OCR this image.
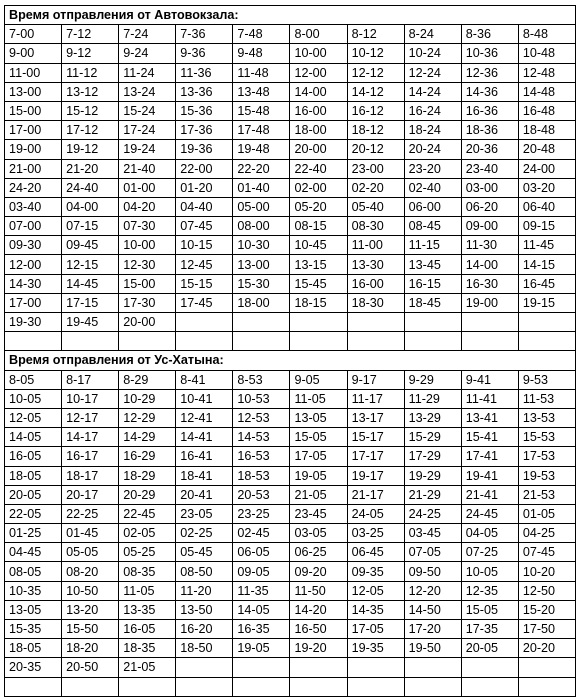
Время отправления от Автовокзала:									
7-00	7-12	7-24	7-36	7-48	8-00	8-12	8-24	8-36	8-48
9-00	9-12	9-24	9-36	9-48	10-00	10-12	10-24	10-36	10-48
11-00	11-12	11-24	11-36	11-48	12-00	12-12	12-24	12-36	12-48
13-00	13-12	13-24	13-36	13-48	14-00	14-12	14-24	14-36	14-48
15-00	15-12	15-24	15-36	15-48	16-00	16-12	16-24	16-36	16-48
17-00	17-12	17-24	17-36	17-48	18-00	18-12	18-24	18-36	18-48
19-00	19-12	19-24	19-36	19-48	20-00	20-12	20-24	20-36	20-48
21-00	21-20	21-40	22-00	22-20	22-40	23-00	23-20	23-40	24-00
24-20	24-40	01-00	01-20	01-40	02-00	02-20	02-40	03-00	03-20
03-40	04-00	04-20	04-40	05-00	05-20	05-40	06-00	06-20	06-40
07-00	07-15	07-30	07-45	08-00	08-15	08-30	08-45	09-00	09-15
09-30	09-45	10-00	10-15	10-30	10-45	11-00	11-15	11-30	11-45
12-00	12-15	12-30	12-45	13-00	13-15	13-30	13-45	14-00	14-15
14-30	14-45	15-00	15-15	15-30	15-45	16-00	16-15	16-30	16-45
17-00	17-15	17-30	17-45	18-00	18-15	18-30	18-45	19-00	19-15
19-30	19-45	20-00							

Время отправления от Ус-Хатына:									
8-05	8-17	8-29	8-41	8-53	9-05	9-17	9-29	9-41	9-53
10-05	10-17	10-29	10-41	10-53	11-05	11-17	11-29	11-41	11-53
12-05	12-17	12-29	12-41	12-53	13-05	13-17	13-29	13-41	13-53
14-05	14-17	14-29	14-41	14-53	15-05	15-17	15-29	15-41	15-53
16-05	16-17	16-29	16-41	16-53	17-05	17-17	17-29	17-41	17-53
18-05	18-17	18-29	18-41	18-53	19-05	19-17	19-29	19-41	19-53
20-05	20-17	20-29	20-41	20-53	21-05	21-17	21-29	21-41	21-53
22-05	22-25	22-45	23-05	23-25	23-45	24-05	24-25	24-45	01-05
01-25	01-45	02-05	02-25	02-45	03-05	03-25	03-45	04-05	04-25
04-45	05-05	05-25	05-45	06-05	06-25	06-45	07-05	07-25	07-45
08-05	08-20	08-35	08-50	09-05	09-20	09-35	09-50	10-05	10-20
10-35	10-50	11-05	11-20	11-35	11-50	12-05	12-20	12-35	12-50
13-05	13-20	13-35	13-50	14-05	14-20	14-35	14-50	15-05	15-20
15-35	15-50	16-05	16-20	16-35	16-50	17-05	17-20	17-35	17-50
18-05	18-20	18-35	18-50	19-05	19-20	19-35	19-50	20-05	20-20
20-35	20-50	21-05							
